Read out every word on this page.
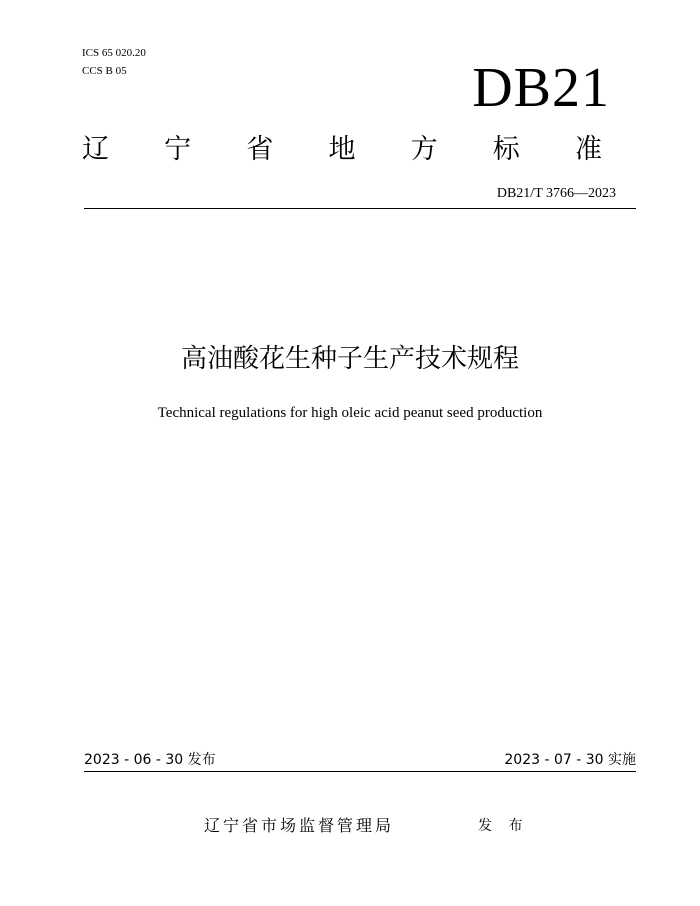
ICS 65 020.20
CCS B 05	DB21
辽 宁 省 地 方 标 准
DB21/T 3766—2023
高油酸花生种子生产技术规程
Technical regulations for high oleic acid peanut seed production
2023 - 06 - 30 发布	2023 - 07 - 30 实施
辽宁省市场监督管理局	发 布
